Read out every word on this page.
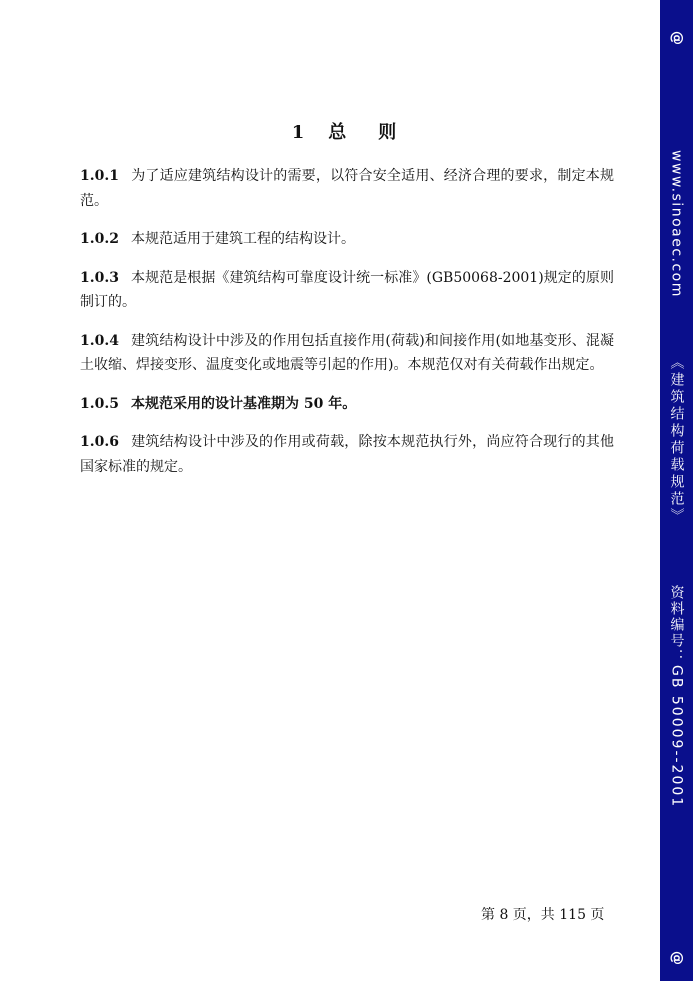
1 总 则

1.0.1 为了适应建筑结构设计的需要，以符合安全适用、经济合理的要求，制定本规范。

1.0.2 本规范适用于建筑工程的结构设计。

1.0.3 本规范是根据《建筑结构可靠度设计统一标准》(GB50068-2001)规定的原则制订的。

1.0.4 建筑结构设计中涉及的作用包括直接作用(荷载)和间接作用(如地基变形、混凝土收缩、焊接变形、温度变化或地震等引起的作用)。本规范仅对有关荷载作出规定。

1.0.5 本规范采用的设计基准期为 50 年。

1.0.6 建筑结构设计中涉及的作用或荷载，除按本规范执行外，尚应符合现行的其他国家标准的规定。

第 8 页，共 115 页
@
www.sinoaec.com
《建筑结构荷载规范》
资料编号：GB 50009--2001
@
